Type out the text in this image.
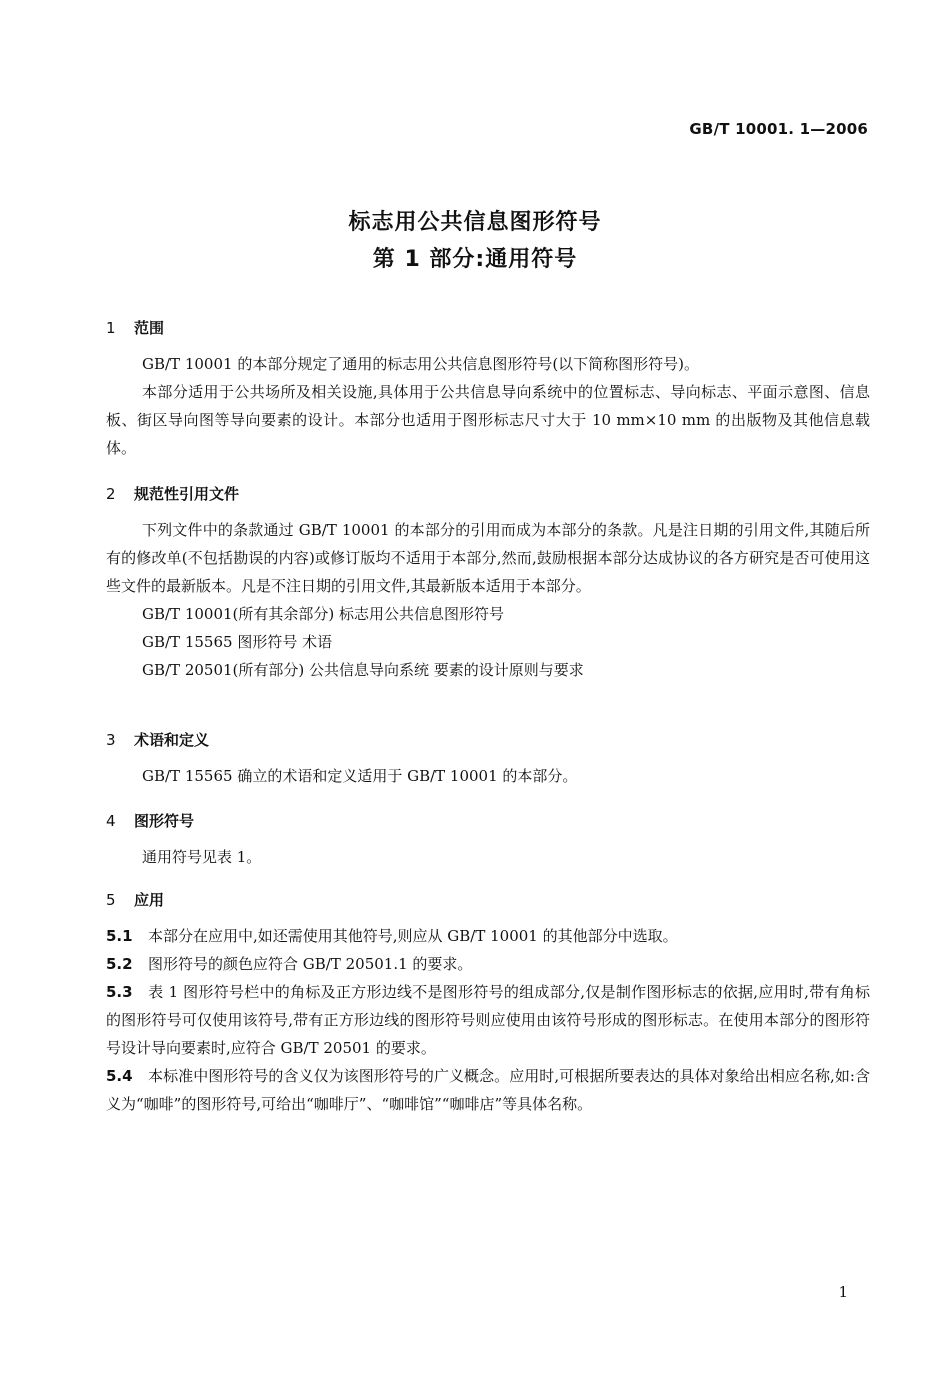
GB/T 10001. 1—2006
标志用公共信息图形符号
第 1 部分:通用符号
1 范围

GB/T 10001 的本部分规定了通用的标志用公共信息图形符号(以下简称图形符号)。

本部分适用于公共场所及相关设施,具体用于公共信息导向系统中的位置标志、导向标志、平面示意图、信息板、街区导向图等导向要素的设计。本部分也适用于图形标志尺寸大于 10 mm×10 mm 的出版物及其他信息载体。

2 规范性引用文件

下列文件中的条款通过 GB/T 10001 的本部分的引用而成为本部分的条款。凡是注日期的引用文件,其随后所有的修改单(不包括勘误的内容)或修订版均不适用于本部分,然而,鼓励根据本部分达成协议的各方研究是否可使用这些文件的最新版本。凡是不注日期的引用文件,其最新版本适用于本部分。

GB/T 10001(所有其余部分) 标志用公共信息图形符号

GB/T 15565 图形符号 术语

GB/T 20501(所有部分) 公共信息导向系统 要素的设计原则与要求

3 术语和定义

GB/T 15565 确立的术语和定义适用于 GB/T 10001 的本部分。

4 图形符号

通用符号见表 1。

5 应用

5.1 本部分在应用中,如还需使用其他符号,则应从 GB/T 10001 的其他部分中选取。

5.2 图形符号的颜色应符合 GB/T 20501.1 的要求。

5.3 表 1 图形符号栏中的角标及正方形边线不是图形符号的组成部分,仅是制作图形标志的依据,应用时,带有角标的图形符号可仅使用该符号,带有正方形边线的图形符号则应使用由该符号形成的图形标志。在使用本部分的图形符号设计导向要素时,应符合 GB/T 20501 的要求。

5.4 本标准中图形符号的含义仅为该图形符号的广义概念。应用时,可根据所要表达的具体对象给出相应名称,如:含义为“咖啡”的图形符号,可给出“咖啡厅”、“咖啡馆”“咖啡店”等具体名称。

1
